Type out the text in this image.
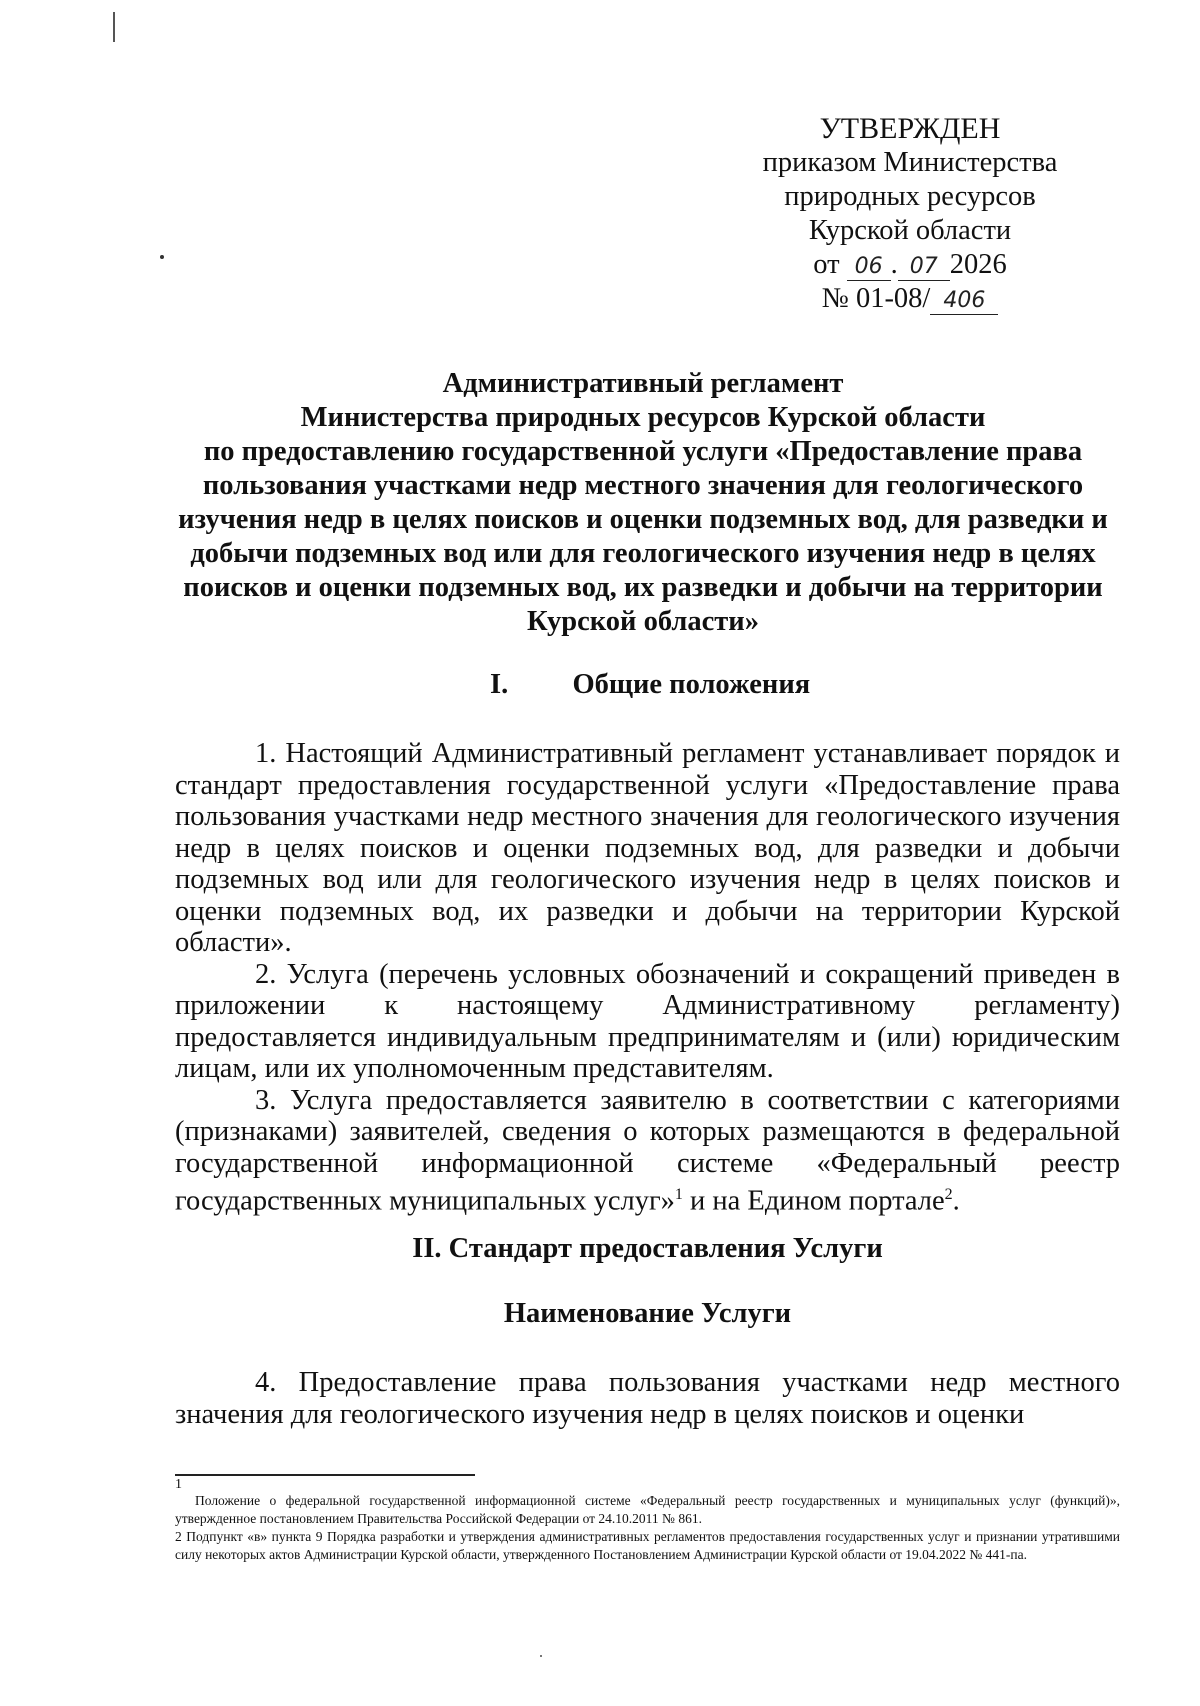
УТВЕРЖДЕН
приказом Министерства
природных ресурсов
Курской области
от 06 . 07 2026
№ 01-08/ 406
Административный регламент
Министерства природных ресурсов Курской области
по предоставлению государственной услуги «Предоставление права
пользования участками недр местного значения для геологического
изучения недр в целях поисков и оценки подземных вод, для разведки и
добычи подземных вод или для геологического изучения недр в целях
поисков и оценки подземных вод, их разведки и добычи на территории
Курской области»
I. Общие положения

1. Настоящий Административный регламент устанавливает порядок и стандарт предоставления государственной услуги «Предоставление права пользования участками недр местного значения для геологического изучения недр в целях поисков и оценки подземных вод, для разведки и добычи подземных вод или для геологического изучения недр в целях поисков и оценки подземных вод, их разведки и добычи на территории Курской области».

2. Услуга (перечень условных обозначений и сокращений приведен в приложении к настоящему Административному регламенту) предоставляется индивидуальным предпринимателям и (или) юридическим лицам, или их уполномоченным представителям.

3. Услуга предоставляется заявителю в соответствии с категориями (признаками) заявителей, сведения о которых размещаются в федеральной государственной информационной системе «Федеральный реестр государственных муниципальных услуг»$^1$ и на Едином портале$^2$.

II. Стандарт предоставления Услуги
Наименование Услуги

4. Предоставление права пользования участками недр местного значения для геологического изучения недр в целях поисков и оценки

1

Положение о федеральной государственной информационной системе «Федеральный реестр государственных и муниципальных услуг (функций)», утвержденное постановлением Правительства Российской Федерации от 24.10.2011 № 861.

2 Подпункт «в» пункта 9 Порядка разработки и утверждения административных регламентов предоставления государственных услуг и признании утратившими силу некоторых актов Администрации Курской области, утвержденного Постановлением Администрации Курской области от 19.04.2022 № 441-па.
